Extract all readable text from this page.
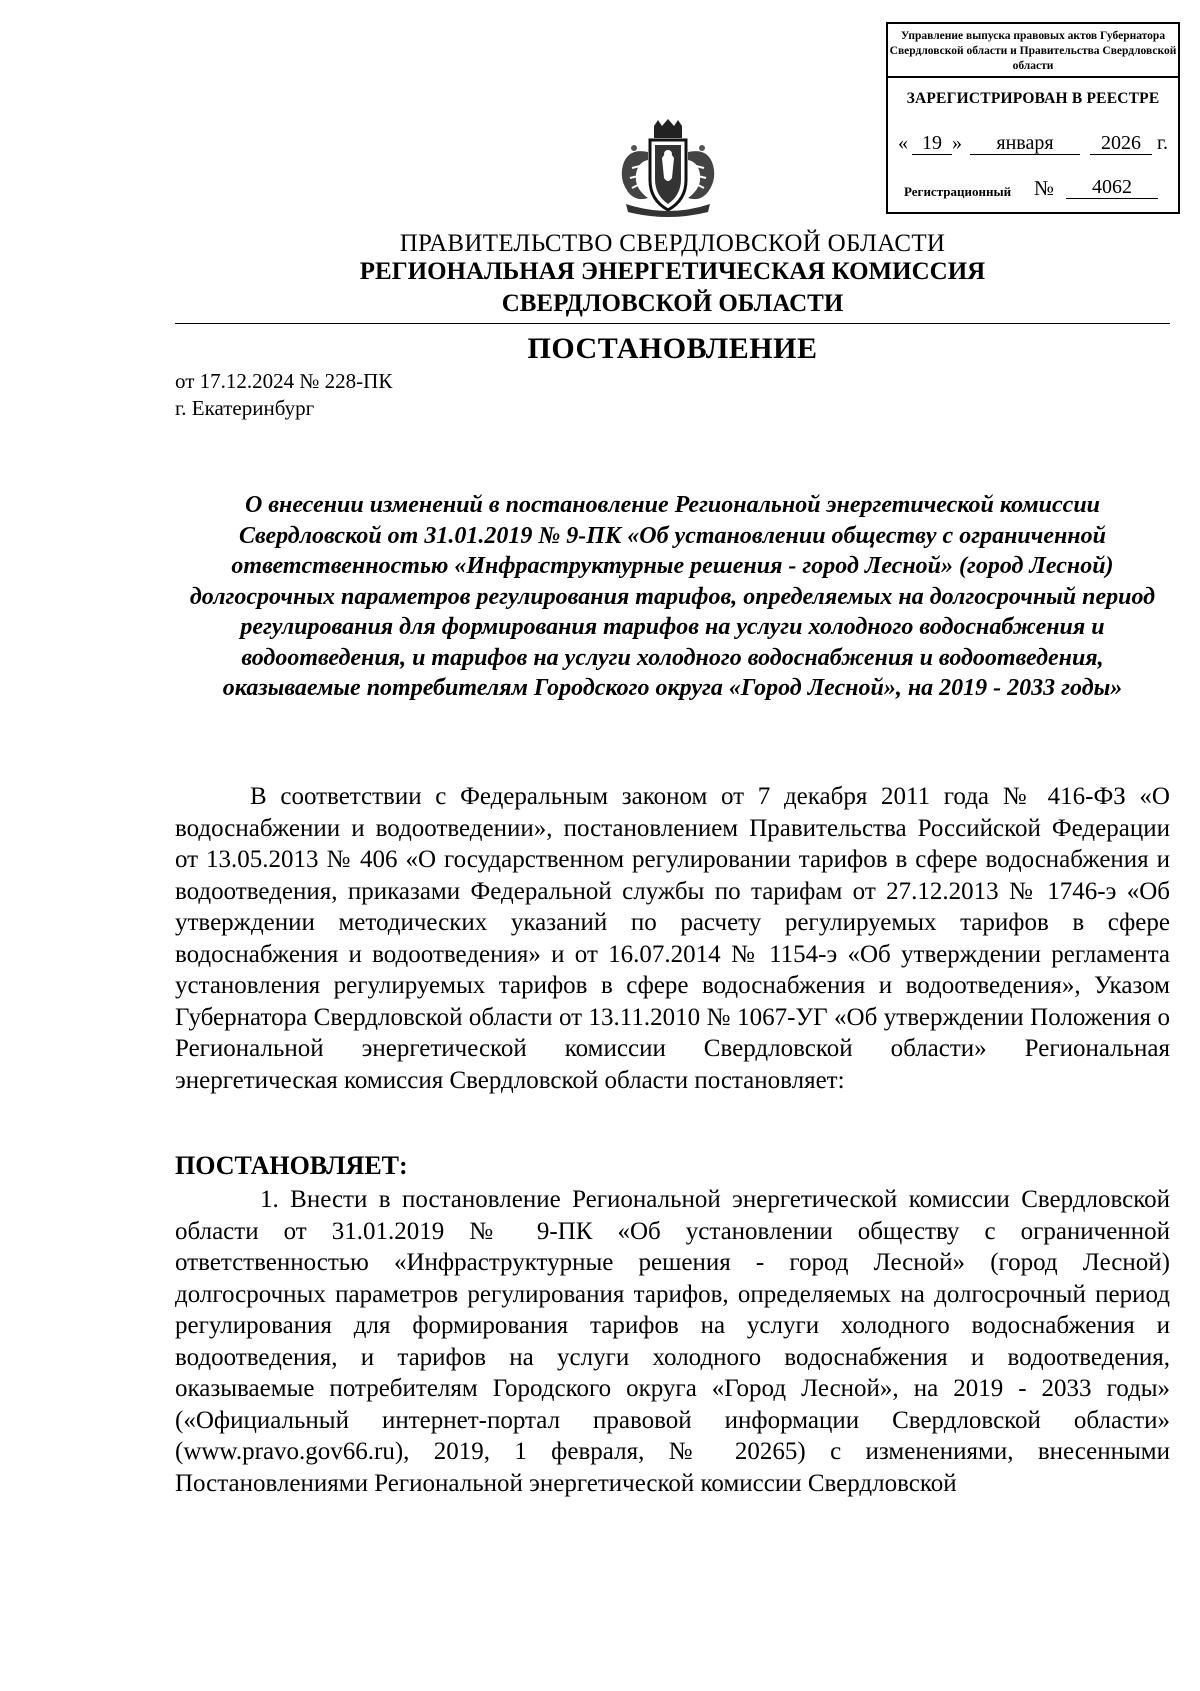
Управление выпуска правовых актов Губернатора Свердловской области и Правительства Свердловской области
ЗАРЕГИСТРИРОВАН В РЕЕСТРЕ
« 19 »	января	2026 г.
Регистрационный №	4062
ПРАВИТЕЛЬСТВО СВЕРДЛОВСКОЙ ОБЛАСТИ
РЕГИОНАЛЬНАЯ ЭНЕРГЕТИЧЕСКАЯ КОМИССИЯ
СВЕРДЛОВСКОЙ ОБЛАСТИ
ПОСТАНОВЛЕНИЕ
от 17.12.2024 № 228-ПК
г. Екатеринбург
О внесении изменений в постановление Региональной энергетической комиссии Свердловской от 31.01.2019 № 9-ПК «Об установлении обществу с ограниченной ответственностью «Инфраструктурные решения - город Лесной» (город Лесной) долгосрочных параметров регулирования тарифов, определяемых на долгосрочный период регулирования для формирования тарифов на услуги холодного водоснабжения и водоотведения, и тарифов на услуги холодного водоснабжения и водоотведения, оказываемые потребителям Городского округа «Город Лесной», на 2019 - 2033 годы»
В соответствии с Федеральным законом от 7 декабря 2011 года № 416-ФЗ «О водоснабжении и водоотведении», постановлением Правительства Российской Федерации от 13.05.2013 № 406 «О государственном регулировании тарифов в сфере водоснабжения и водоотведения, приказами Федеральной службы по тарифам от 27.12.2013 № 1746-э «Об утверждении методических указаний по расчету регулируемых тарифов в сфере водоснабжения и водоотведения» и от 16.07.2014 № 1154-э «Об утверждении регламента установления регулируемых тарифов в сфере водоснабжения и водоотведения», Указом Губернатора Свердловской области от 13.11.2010 № 1067-УГ «Об утверждении Положения о Региональной энергетической комиссии Свердловской области» Региональная энергетическая комиссия Свердловской области постановляет:
ПОСТАНОВЛЯЕТ:
1. Внести в постановление Региональной энергетической комиссии Свердловской области от 31.01.2019 № 9-ПК «Об установлении обществу с ограниченной ответственностью «Инфраструктурные решения - город Лесной» (город Лесной) долгосрочных параметров регулирования тарифов, определяемых на долгосрочный период регулирования для формирования тарифов на услуги холодного водоснабжения и водоотведения, и тарифов на услуги холодного водоснабжения и водоотведения, оказываемые потребителям Городского округа «Город Лесной», на 2019 - 2033 годы» («Официальный интернет-портал правовой информации Свердловской области» (www.pravo.gov66.ru), 2019, 1 февраля, № 20265) с изменениями, внесенными Постановлениями Региональной энергетической комиссии Свердловской
